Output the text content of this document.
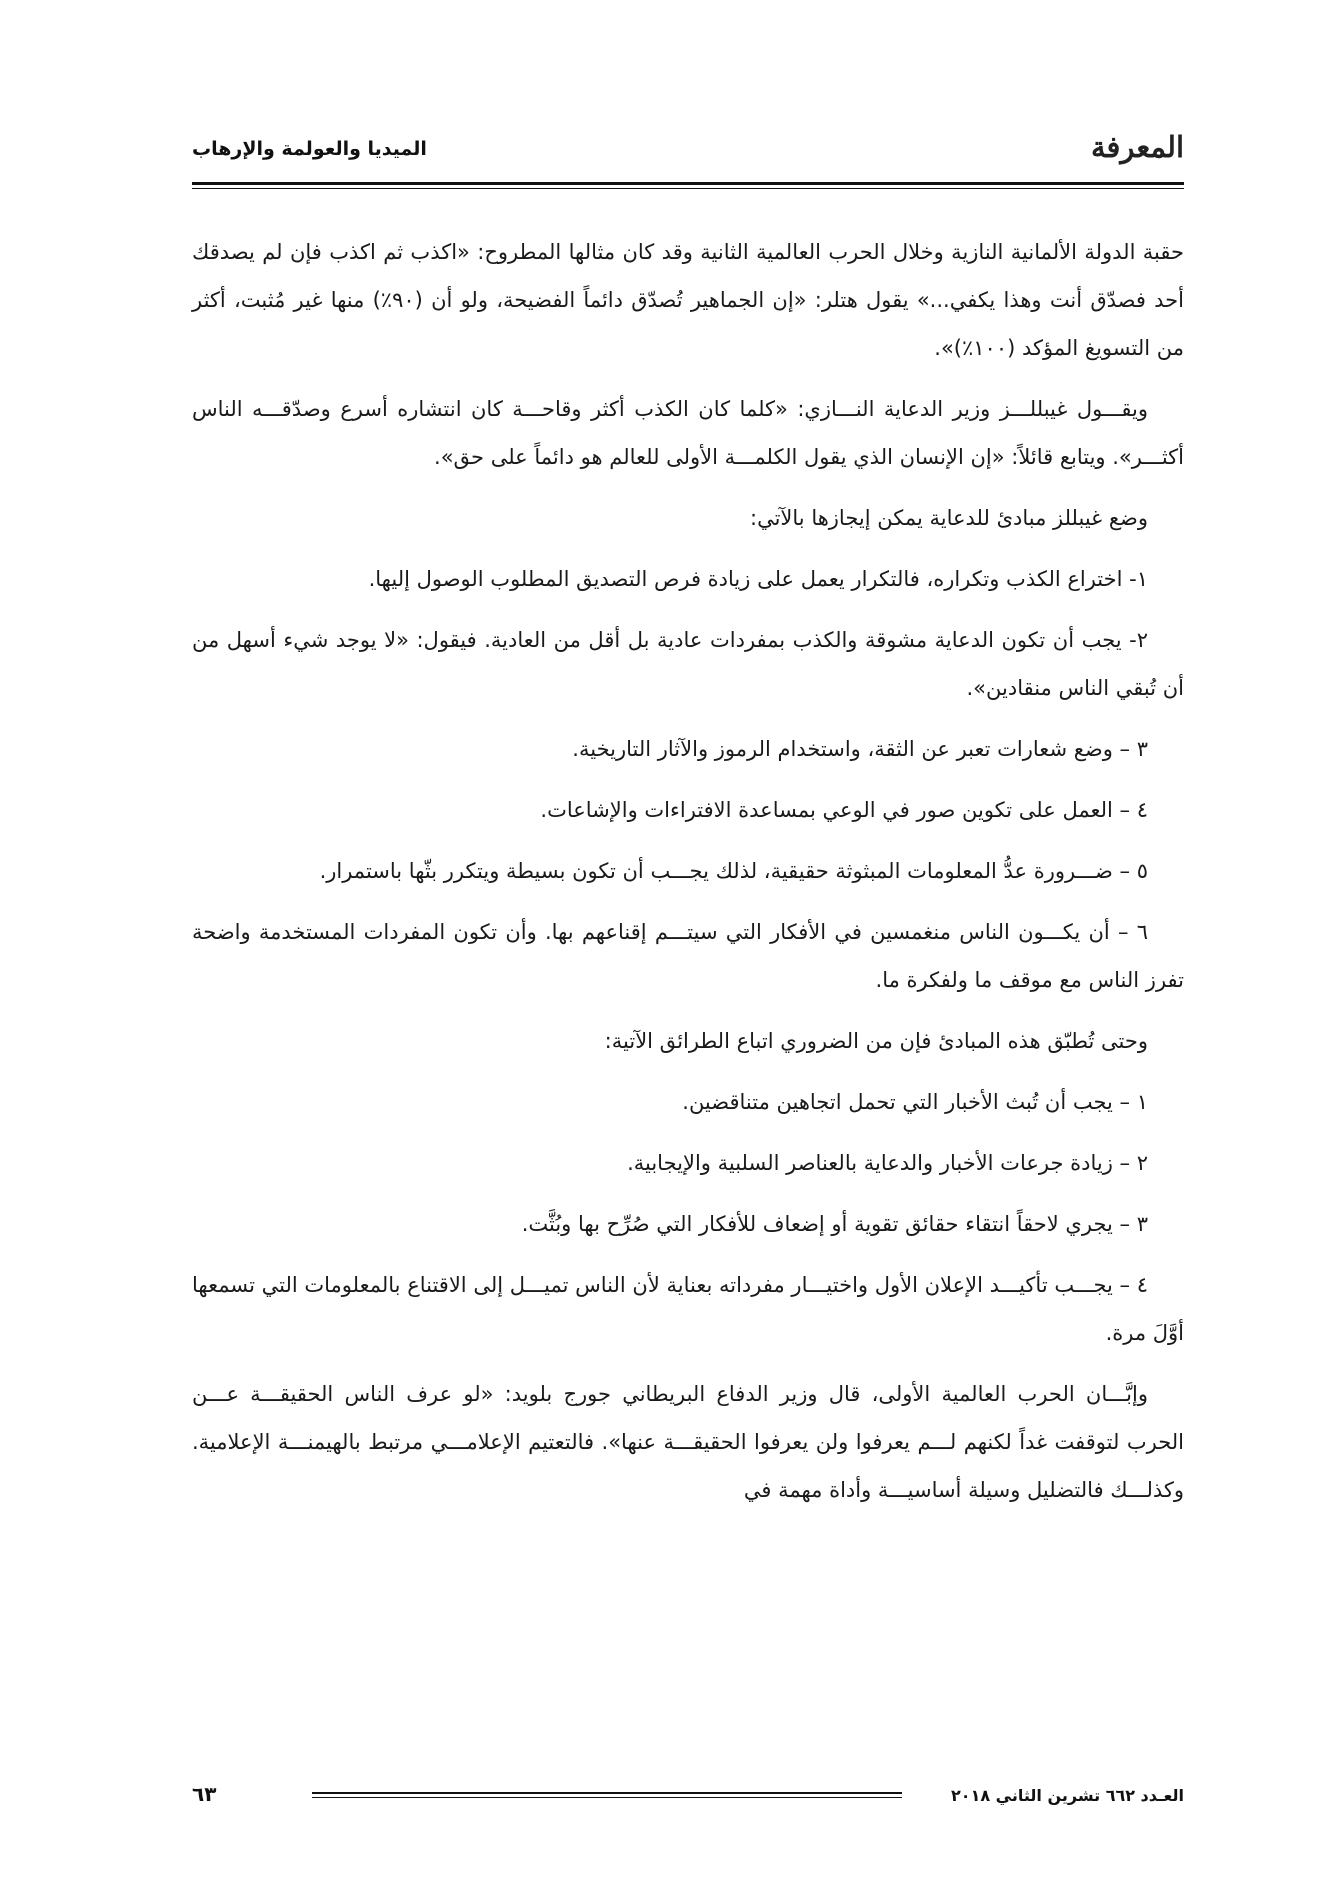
المعرفة
الميديا والعولمة والإرهاب

حقبة الدولة الألمانية النازية وخلال الحرب العالمية الثانية وقد كان مثالها المطروح: «اكذب ثم اكذب فإن لم يصدقك أحد فصدّق أنت وهذا يكفي...» يقول هتلر: «إن الجماهير تُصدّق دائماً الفضيحة، ولو أن (٩٠٪) منها غير مُثبت، أكثر من التسويغ المؤكد (١٠٠٪)».

ويقـــول غيبللـــز وزير الدعاية النـــازي: «كلما كان الكذب أكثر وقاحـــة كان انتشاره أسرع وصدّقـــه الناس أكثـــر». ويتابع قائلاً: «إن الإنسان الذي يقول الكلمـــة الأولى للعالم هو دائماً على حق».

وضع غيبللز مبادئ للدعاية يمكن إيجازها بالآتي:

١- اختراع الكذب وتكراره، فالتكرار يعمل على زيادة فرص التصديق المطلوب الوصول إليها.

٢- يجب أن تكون الدعاية مشوقة والكذب بمفردات عادية بل أقل من العادية. فيقول: «لا يوجد شيء أسهل من أن تُبقي الناس منقادين».

٣ – وضع شعارات تعبر عن الثقة، واستخدام الرموز والآثار التاريخية.

٤ – العمل على تكوين صور في الوعي بمساعدة الافتراءات والإشاعات.

٥ – ضـــرورة عدُّ المعلومات المبثوثة حقيقية، لذلك يجـــب أن تكون بسيطة ويتكرر بثّها باستمرار.

٦ – أن يكـــون الناس منغمسين في الأفكار التي سيتـــم إقناعهم بها. وأن تكون المفردات المستخدمة واضحة تفرز الناس مع موقف ما ولفكرة ما.

وحتى تُطبّق هذه المبادئ فإن من الضروري اتباع الطرائق الآتية:

١ – يجب أن تُبث الأخبار التي تحمل اتجاهين متناقضين.

٢ – زيادة جرعات الأخبار والدعاية بالعناصر السلبية والإيجابية.

٣ – يجري لاحقاً انتقاء حقائق تقوية أو إضعاف للأفكار التي صُرِّح بها وبُثَّت.

٤ – يجـــب تأكيـــد الإعلان الأول واختيـــار مفرداته بعناية لأن الناس تميـــل إلى الاقتناع بالمعلومات التي تسمعها أوَّلَ مرة.

وإبَّـــان الحرب العالمية الأولى، قال وزير الدفاع البريطاني جورج بلويد: «لو عرف الناس الحقيقـــة عـــن الحرب لتوقفت غداً لكنهم لـــم يعرفوا ولن يعرفوا الحقيقـــة عنها». فالتعتيم الإعلامـــي مرتبط بالهيمنـــة الإعلامية. وكذلـــك فالتضليل وسيلة أساسيـــة وأداة مهمة في

العـدد ٦٦٢ تشرين الثاني ٢٠١٨
٦٣
